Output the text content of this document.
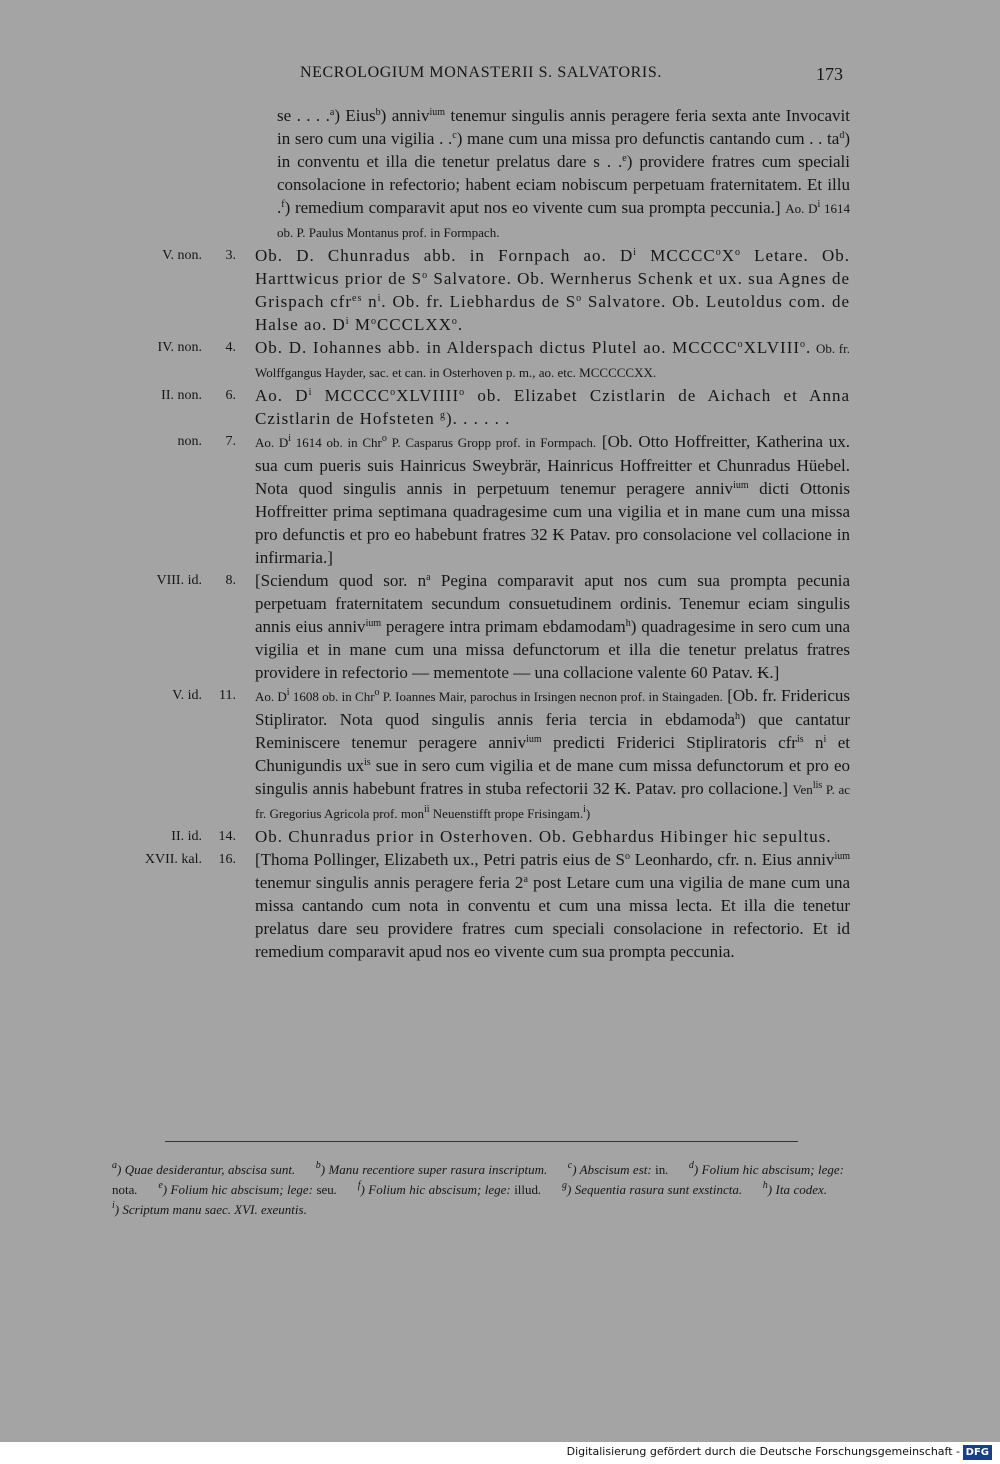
NECROLOGIUM MONASTERII S. SALVATORIS.	173
se . . . .$^a$) Eius$^b$) anniv$^{ium}$ tenemur singulis annis peragere feria sexta ante Invocavit in sero cum una vigilia . .$^c$) mane cum una missa pro defunctis cantando cum . . $ta^d$) in conventu et illa die tenetur prelatus dare s . .$^e$) providere fratres cum speciali consolacione in refectorio; habent eciam nobiscum perpetuam fraternitatem. Et illu .$^f$) remedium comparavit aput nos eo vivente cum sua prompta peccunia.] Ao. $D^i$ 1614 ob. P. Paulus Montanus prof. in Formpach.
V. non.	3. Ob. D. Chunradus abb. in Fornpach ao. $D^i$ $MCCCC^oX^o$ Letare. Ob. Harttwicus prior de $S^o$ Salvatore. Ob. Wernherus Schenk et ux. sua Agnes de Grispach cfr$^{es}$ $n^i$. Ob. fr. Liebhardus de $S^o$ Salvatore. Ob. Leutoldus com. de Halse ao. $D^i$ $M^oCCCLXX^o$.
IV. non.	4. Ob. D. Iohannes abb. in Alderspach dictus Plutel ao. MCCCC$^o$XLVIII$^o$. Ob. fr. Wolffgangus Hayder, sac. et can. in Osterhoven p. m., ao. etc. MCCCCCXX.
II. non.	6. Ao. $D^i$ MCCCC$^o$XLVIIII$^o$ ob. Elizabet Czistlarin de Aichach et Anna Czistlarin de Hofsteten $^g$). . . . . .
non.	7. Ao. $D^i$ 1614 ob. in Chr$^o$ P. Casparus Gropp prof. in Formpach. [Ob. Otto Hoffreitter, Katherina ux. sua cum pueris suis Hainricus Sweybrär, Hainricus Hoffreitter et Chunradus Hüebel. Nota quod singulis annis in perpetuum tenemur peragere anniv$^{ium}$ dicti Ottonis Hoffreitter prima septimana quadragesime cum una vigilia et in mane cum una missa pro defunctis et pro eo habebunt fratres 32 ₭ Patav. pro consolacione vel collacione in infirmaria.]
VIII. id.	8. [Sciendum quod sor. $n^a$ Pegina comparavit aput nos cum sua prompta pecunia perpetuam fraternitatem secundum consuetudinem ordinis. Tenemur eciam singulis annis eius anniv$^{ium}$ peragere intra primam ebdamodam$^h$) quadragesime in sero cum una vigilia et in mane cum una missa defunctorum et illa die tenetur prelatus fratres providere in refectorio — mementote — una collacione valente 60 Patav. ₭.]
V. id.	11. Ao. $D^i$ 1608 ob. in Chr$^o$ P. Ioannes Mair, parochus in Irsingen necnon prof. in Staingaden. [Ob. fr. Fridericus Stiplirator. Nota quod singulis annis feria tercia in ebdamoda$^h$) que cantatur Reminiscere tenemur peragere anniv$^{ium}$ predicti Friderici Stipliratoris cfr$^{is}$ $n^i$ et Chunigundis $ux^{is}$ sue in sero cum vigilia et de mane cum missa defunctorum et pro eo singulis annis habebunt fratres in stuba refectorii 32 ₭. Patav. pro collacione.] Ven$^{lis}$ P. ac fr. Gregorius Agricola prof. mon$^{ii}$ Neuenstifft prope Frisingam.$^i$)
II. id.	14. Ob. Chunradus prior in Osterhoven. Ob. Gebhardus Hibinger hic sepultus.
XVII. kal.	16. [Thoma Pollinger, Elizabeth ux., Petri patris eius de $S^o$ Leonhardo, cfr. n. Eius anniv$^{ium}$ tenemur singulis annis peragere feria 2$^a$ post Letare cum una vigilia de mane cum una missa cantando cum nota in conventu et cum una missa lecta. Et illa die tenetur prelatus dare seu providere fratres cum speciali consolacione in refectorio. Et id remedium comparavit apud nos eo vivente cum sua prompta peccunia.
$^a$) Quae desiderantur, abscisa sunt.      $^b$) Manu recentiore super rasura inscriptum.      $^c$) Abscisum est: in.      $^d$) Folium hic abscisum; lege: nota.      $^e$) Folium hic abscisum; lege: seu.      $^f$) Folium hic abscisum; lege: illud.      $^g$) Sequentia rasura sunt exstincta.      $^h$) Ita codex.      $^i$) Scriptum manu saec. XVI. exeuntis.
Digitalisierung gefördert durch die Deutsche Forschungsgemeinschaft - DFG
